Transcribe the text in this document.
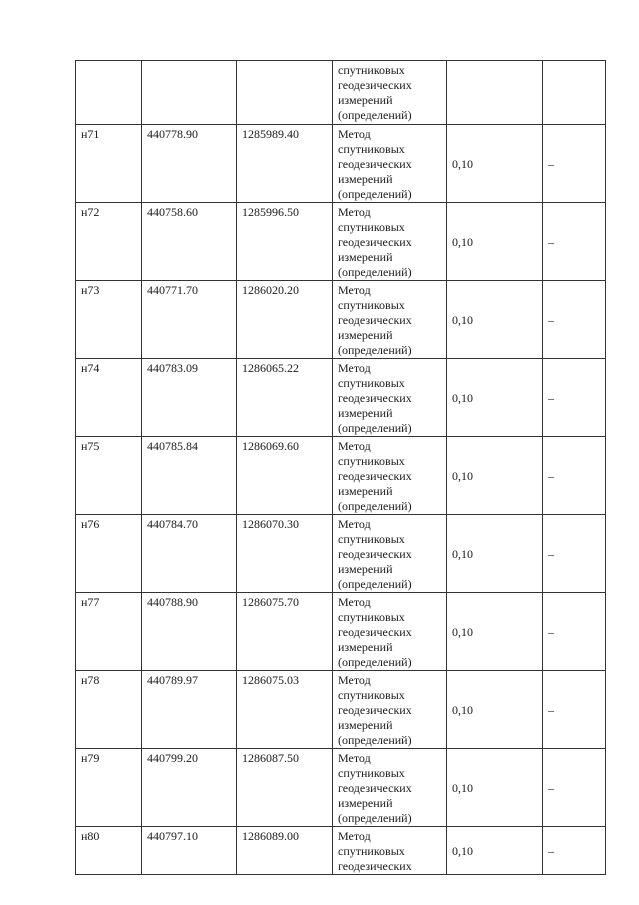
			спутниковых
геодезических
измерений
(определений)		

н71	440778.90	1285989.40	Метод
спутниковых
геодезических
измерений
(определений)	0,10	–
н72	440758.60	1285996.50	Метод
спутниковых
геодезических
измерений
(определений)	0,10	–
н73	440771.70	1286020.20	Метод
спутниковых
геодезических
измерений
(определений)	0,10	–
н74	440783.09	1286065.22	Метод
спутниковых
геодезических
измерений
(определений)	0,10	–
н75	440785.84	1286069.60	Метод
спутниковых
геодезических
измерений
(определений)	0,10	–
н76	440784.70	1286070.30	Метод
спутниковых
геодезических
измерений
(определений)	0,10	–
н77	440788.90	1286075.70	Метод
спутниковых
геодезических
измерений
(определений)	0,10	–
н78	440789.97	1286075.03	Метод
спутниковых
геодезических
измерений
(определений)	0,10	–
н79	440799.20	1286087.50	Метод
спутниковых
геодезических
измерений
(определений)	0,10	–
н80	440797.10	1286089.00	Метод
спутниковых
геодезических	0,10	–
